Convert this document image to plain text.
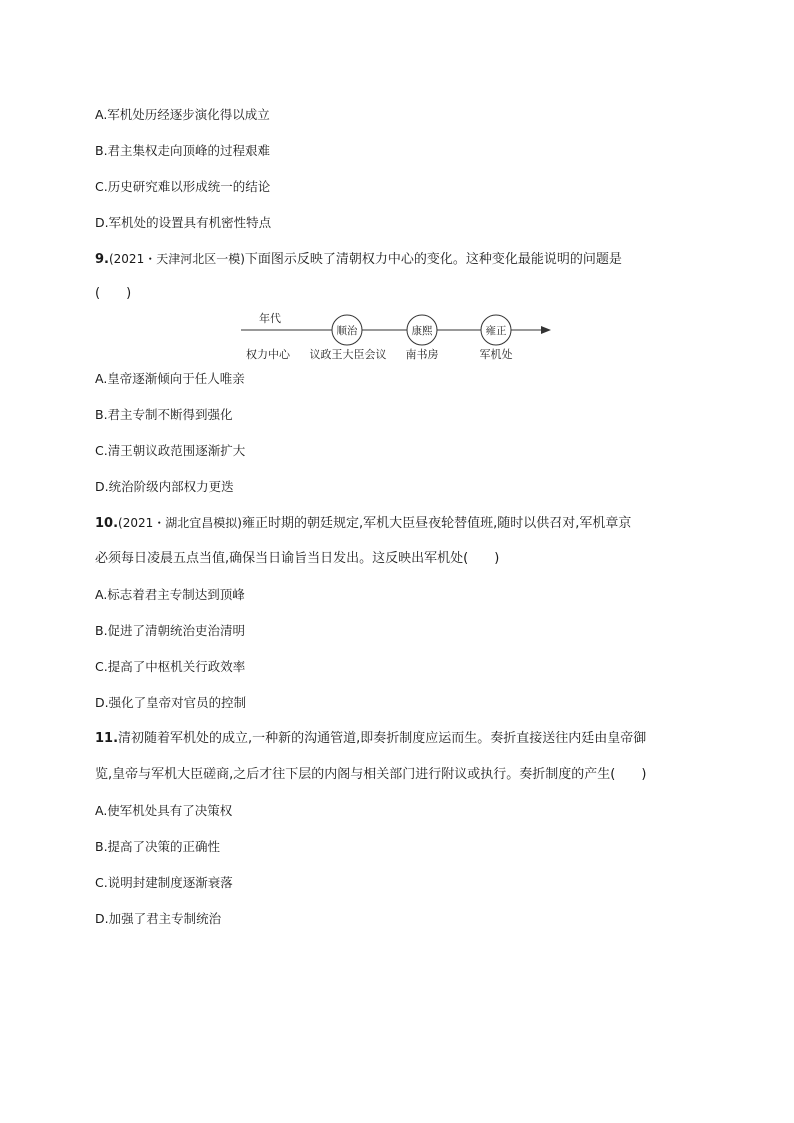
A.军机处历经逐步演化得以成立
B.君主集权走向顶峰的过程艰难
C.历史研究难以形成统一的结论
D.军机处的设置具有机密性特点
9.(2021・天津河北区一模)下面图示反映了清朝权力中心的变化。这种变化最能说明的问题是
(　　)
年代
权力中心
顺治
议政王大臣会议
康熙
南书房
雍正
军机处
A.皇帝逐渐倾向于任人唯亲
B.君主专制不断得到强化
C.清王朝议政范围逐渐扩大
D.统治阶级内部权力更迭
10.(2021・湖北宜昌模拟)雍正时期的朝廷规定,军机大臣昼夜轮替值班,随时以供召对,军机章京
必须每日凌晨五点当值,确保当日谕旨当日发出。这反映出军机处(　　)
A.标志着君主专制达到顶峰
B.促进了清朝统治吏治清明
C.提高了中枢机关行政效率
D.强化了皇帝对官员的控制
11.清初随着军机处的成立,一种新的沟通管道,即奏折制度应运而生。奏折直接送往内廷由皇帝御
览,皇帝与军机大臣磋商,之后才往下层的内阁与相关部门进行附议或执行。奏折制度的产生(　　)
A.使军机处具有了决策权
B.提高了决策的正确性
C.说明封建制度逐渐衰落
D.加强了君主专制统治
